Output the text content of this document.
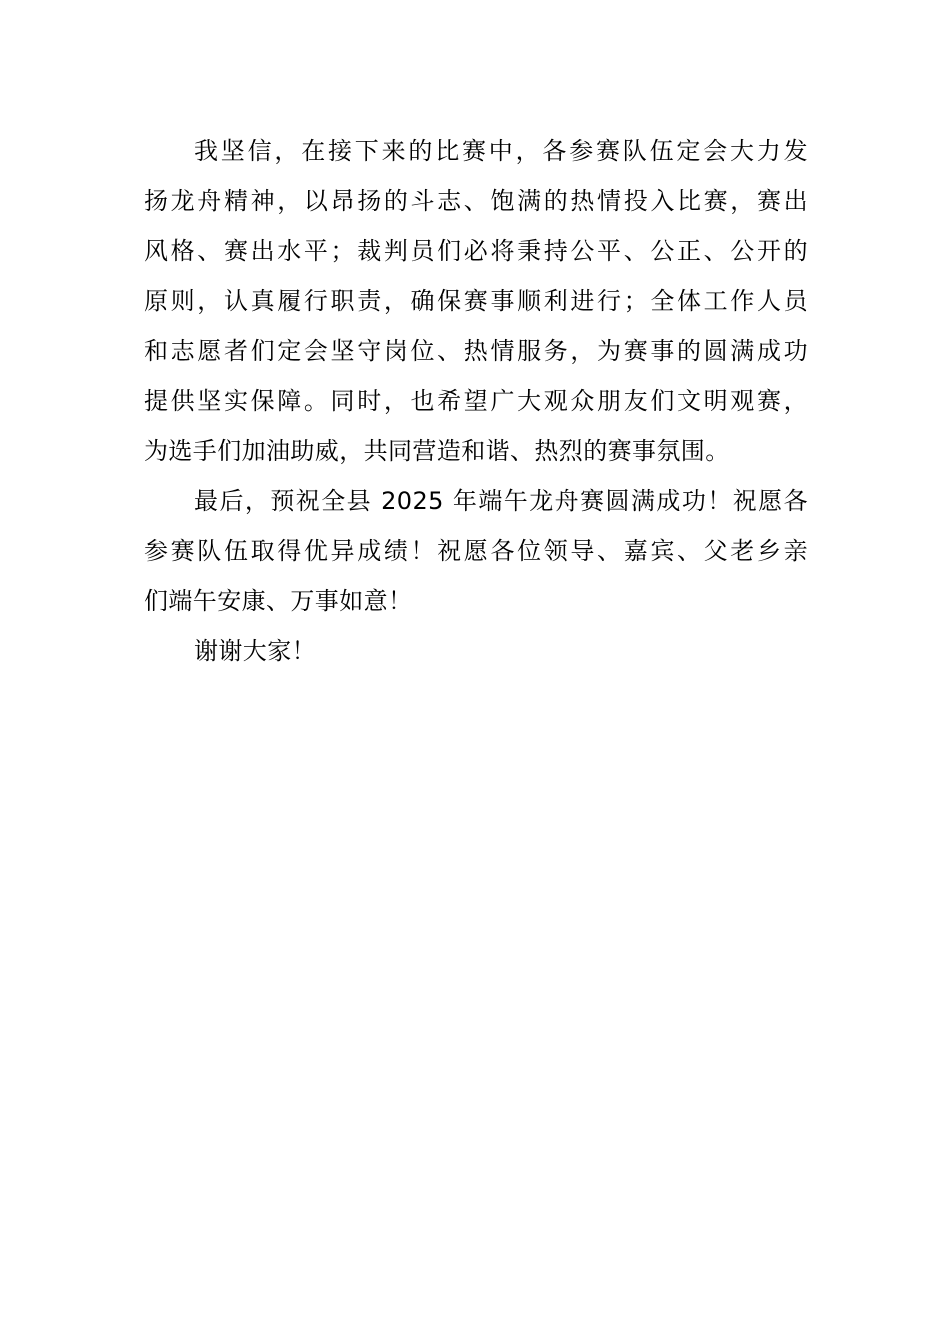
我坚信，在接下来的比赛中，各参赛队伍定会大力发
扬龙舟精神，以昂扬的斗志、饱满的热情投入比赛，赛出
风格、赛出水平；裁判员们必将秉持公平、公正、公开的
原则，认真履行职责，确保赛事顺利进行；全体工作人员
和志愿者们定会坚守岗位、热情服务，为赛事的圆满成功
提供坚实保障。同时，也希望广大观众朋友们文明观赛，
为选手们加油助威，共同营造和谐、热烈的赛事氛围。
最后，预祝全县 2025 年端午龙舟赛圆满成功！祝愿各
参赛队伍取得优异成绩！祝愿各位领导、嘉宾、父老乡亲
们端午安康、万事如意！
谢谢大家！
